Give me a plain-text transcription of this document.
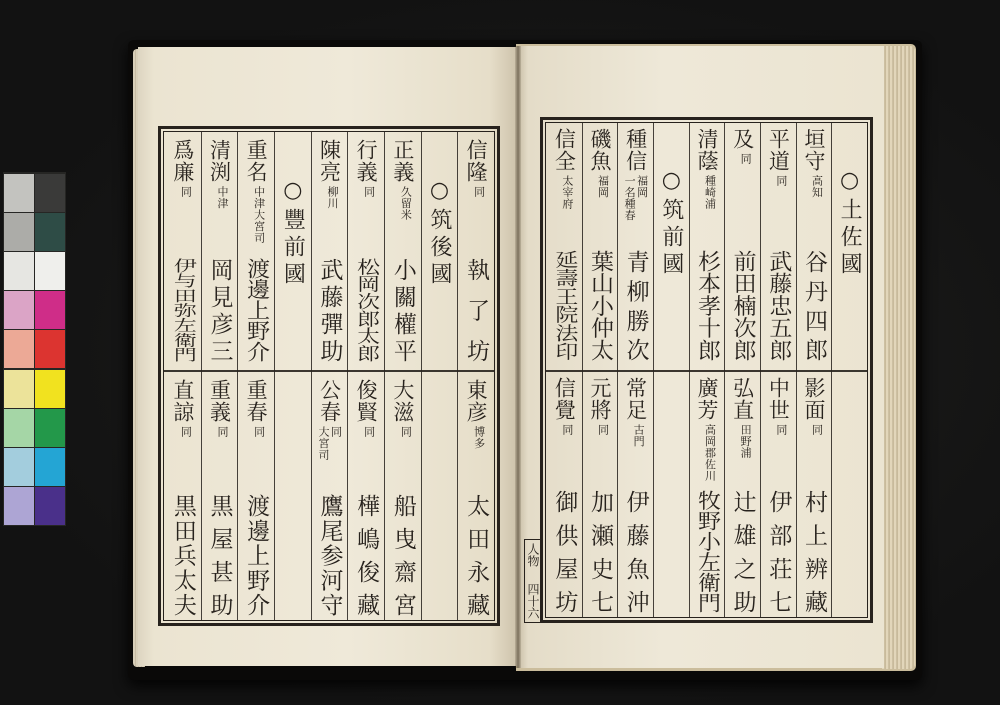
人物
四十六
信隆
同
執了坊
東彦
博多
太田永藏
○筑後國
正義
久留米
小關權平
大滋
同
船曳齋宮
行義
同
松岡次郎太郎
俊賢
同
樺嶋俊藏
陳亮
柳川
武藤彈助
公春
同
大宮司
鷹尾参河守
○豐前國
重名
中津大宮司
渡邊上野介
重春
同
渡邊上野介
清渕
中津
岡見彦三
重義
同
黒屋甚助
爲廉
同
伊与田弥左衛門
直諒
同
黒田兵太夫
○土佐國
垣守
高知
谷丹四郎
影面
同
村上辨藏
平道
同
武藤忠五郎
中世
同
伊部荘七
及
同
前田楠次郎
弘直
田野浦
辻雄之助
清蔭
種崎浦
杉本孝十郎
廣芳
高岡郡佐川
牧野小左衛門
○筑前國
種信
福岡
一名種春
青柳勝次
常足
古門
伊藤魚沖
磯魚
福岡
葉山小仲太
元將
同
加瀬史七
信全
太宰府
延壽王院法印
信覺
同
御供屋坊
